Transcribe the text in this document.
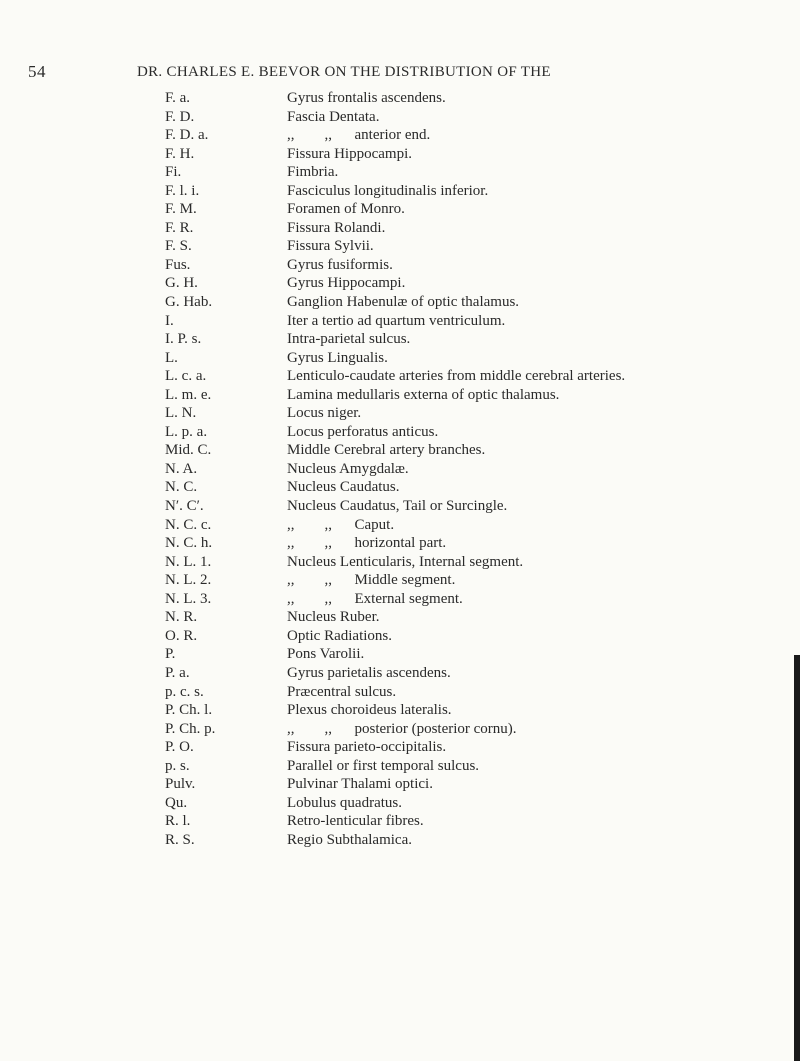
54	DR. CHARLES E. BEEVOR ON THE DISTRIBUTION OF THE
F. a.	Gyrus frontalis ascendens.
F. D.	Fascia Dentata.
F. D. a.	,,        ,,      anterior end.
F. H.	Fissura Hippocampi.
Fi.	Fimbria.
F. l. i.	Fasciculus longitudinalis inferior.
F. M.	Foramen of Monro.
F. R.	Fissura Rolandi.
F. S.	Fissura Sylvii.
Fus.	Gyrus fusiformis.
G. H.	Gyrus Hippocampi.
G. Hab.	Ganglion Habenulæ of optic thalamus.
I.	Iter a tertio ad quartum ventriculum.
I. P. s.	Intra-parietal sulcus.
L.	Gyrus Lingualis.
L. c. a.	Lenticulo-caudate arteries from middle cerebral arteries.
L. m. e.	Lamina medullaris externa of optic thalamus.
L. N.	Locus niger.
L. p. a.	Locus perforatus anticus.
Mid. C.	Middle Cerebral artery branches.
N. A.	Nucleus Amygdalæ.
N. C.	Nucleus Caudatus.
N′. C′.	Nucleus Caudatus, Tail or Surcingle.
N. C. c.	,,        ,,      Caput.
N. C. h.	,,        ,,      horizontal part.
N. L. 1.	Nucleus Lenticularis, Internal segment.
N. L. 2.	,,        ,,      Middle segment.
N. L. 3.	,,        ,,      External segment.
N. R.	Nucleus Ruber.
O. R.	Optic Radiations.
P.	Pons Varolii.
P. a.	Gyrus parietalis ascendens.
p. c. s.	Præcentral sulcus.
P. Ch. l.	Plexus choroideus lateralis.
P. Ch. p.	,,        ,,      posterior (posterior cornu).
P. O.	Fissura parieto-occipitalis.
p. s.	Parallel or first temporal sulcus.
Pulv.	Pulvinar Thalami optici.
Qu.	Lobulus quadratus.
R. l.	Retro-lenticular fibres.
R. S.	Regio Subthalamica.
